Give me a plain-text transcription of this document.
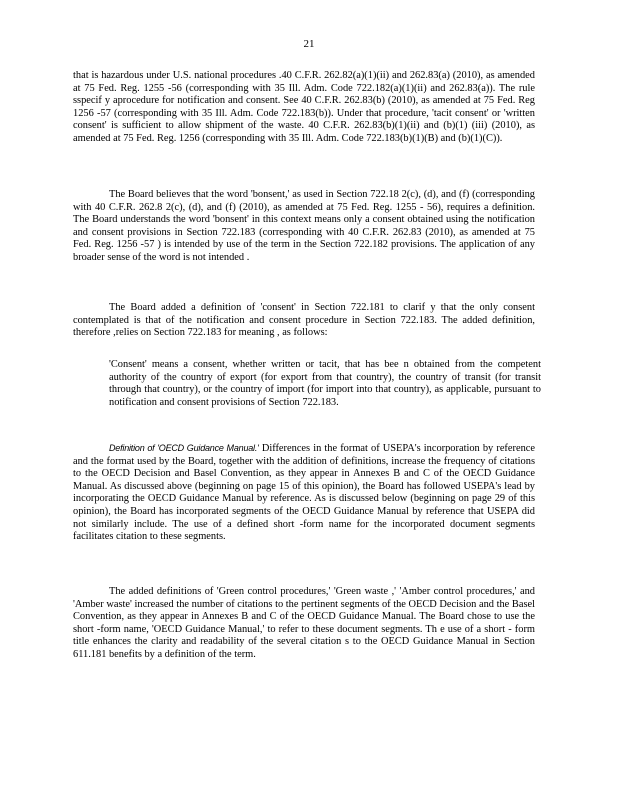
21

that is hazardous under U.S. national procedures .40 C.F.R. 262.82(a)(1)(ii) and 262.83(a) (2010), as amended at 75 Fed. Reg. 1255 -56 (corresponding with 35 Ill. Adm. Code 722.182(a)(1)(ii) and 262.83(a)). The rule sspecif y aprocedure for notification and consent. See 40 C.F.R. 262.83(b) (2010), as amended at 75 Fed. Reg 1256 -57 (corresponding with 35 Ill. Adm. Code 722.183(b)). Under that procedure, 'tacit consent' or 'written consent' is sufficient to allow shipment of the waste. 40 C.F.R. 262.83(b)(1)(ii) and (b)(1) (iii) (2010), as amended at 75 Fed. Reg. 1256 (corresponding with 35 Ill. Adm. Code 722.183(b)(1)(B) and (b)(1)(C)).

The Board believes that the word 'bonsent,' as used in Section 722.18 2(c), (d), and (f) (corresponding with 40 C.F.R. 262.8 2(c), (d), and (f) (2010), as amended at 75 Fed. Reg. 1255 - 56), requires a definition. The Board understands the word 'bonsent' in this context means only a consent obtained using the notification and consent provisions in Section 722.183 (corresponding with 40 C.F.R. 262.83 (2010), as amended at 75 Fed. Reg. 1256 -57 ) is intended by use of the term in the Section 722.182 provisions. The application of any broader sense of the word is not intended .

The Board added a definition of 'consent' in Section 722.181 to clarif y that the only consent contemplated is that of the notification and consent procedure in Section 722.183. The added definition, therefore ,relies on Section 722.183 for meaning , as follows:

'Consent' means a consent, whether written or tacit, that has bee n obtained from the competent authority of the country of export (for export from that country), the country of transit (for transit through that country), or the country of import (for import into that country), as applicable, pursuant to notification and consent provisions of Section 722.183.

Definition of 'OECD Guidance Manual.' Differences in the format of USEPA's incorporation by reference and the format used by the Board, together with the addition of definitions, increase the frequency of citations to the OECD Decision and Basel Convention, as they appear in Annexes B and C of the OECD Guidance Manual. As discussed above (beginning on page 15 of this opinion), the Board has followed USEPA's lead by incorporating the OECD Guidance Manual by reference. As is discussed below (beginning on page 29 of this opinion), the Board has incorporated segments of the OECD Guidance Manual by reference that USEPA did not similarly include. The use of a defined short -form name for the incorporated document segments facilitates citation to these segments.

The added definitions of 'Green control procedures,' 'Green waste ,' 'Amber control procedures,' and 'Amber waste' increased the number of citations to the pertinent segments of the OECD Decision and the Basel Convention, as they appear in Annexes B and C of the OECD Guidance Manual. The Board chose to use the short -form name, 'OECD Guidance Manual,' to refer to these document segments. Th e use of a short - form title enhances the clarity and readability of the several citation s to the OECD Guidance Manual in Section 611.181 benefits by a definition of the term.
